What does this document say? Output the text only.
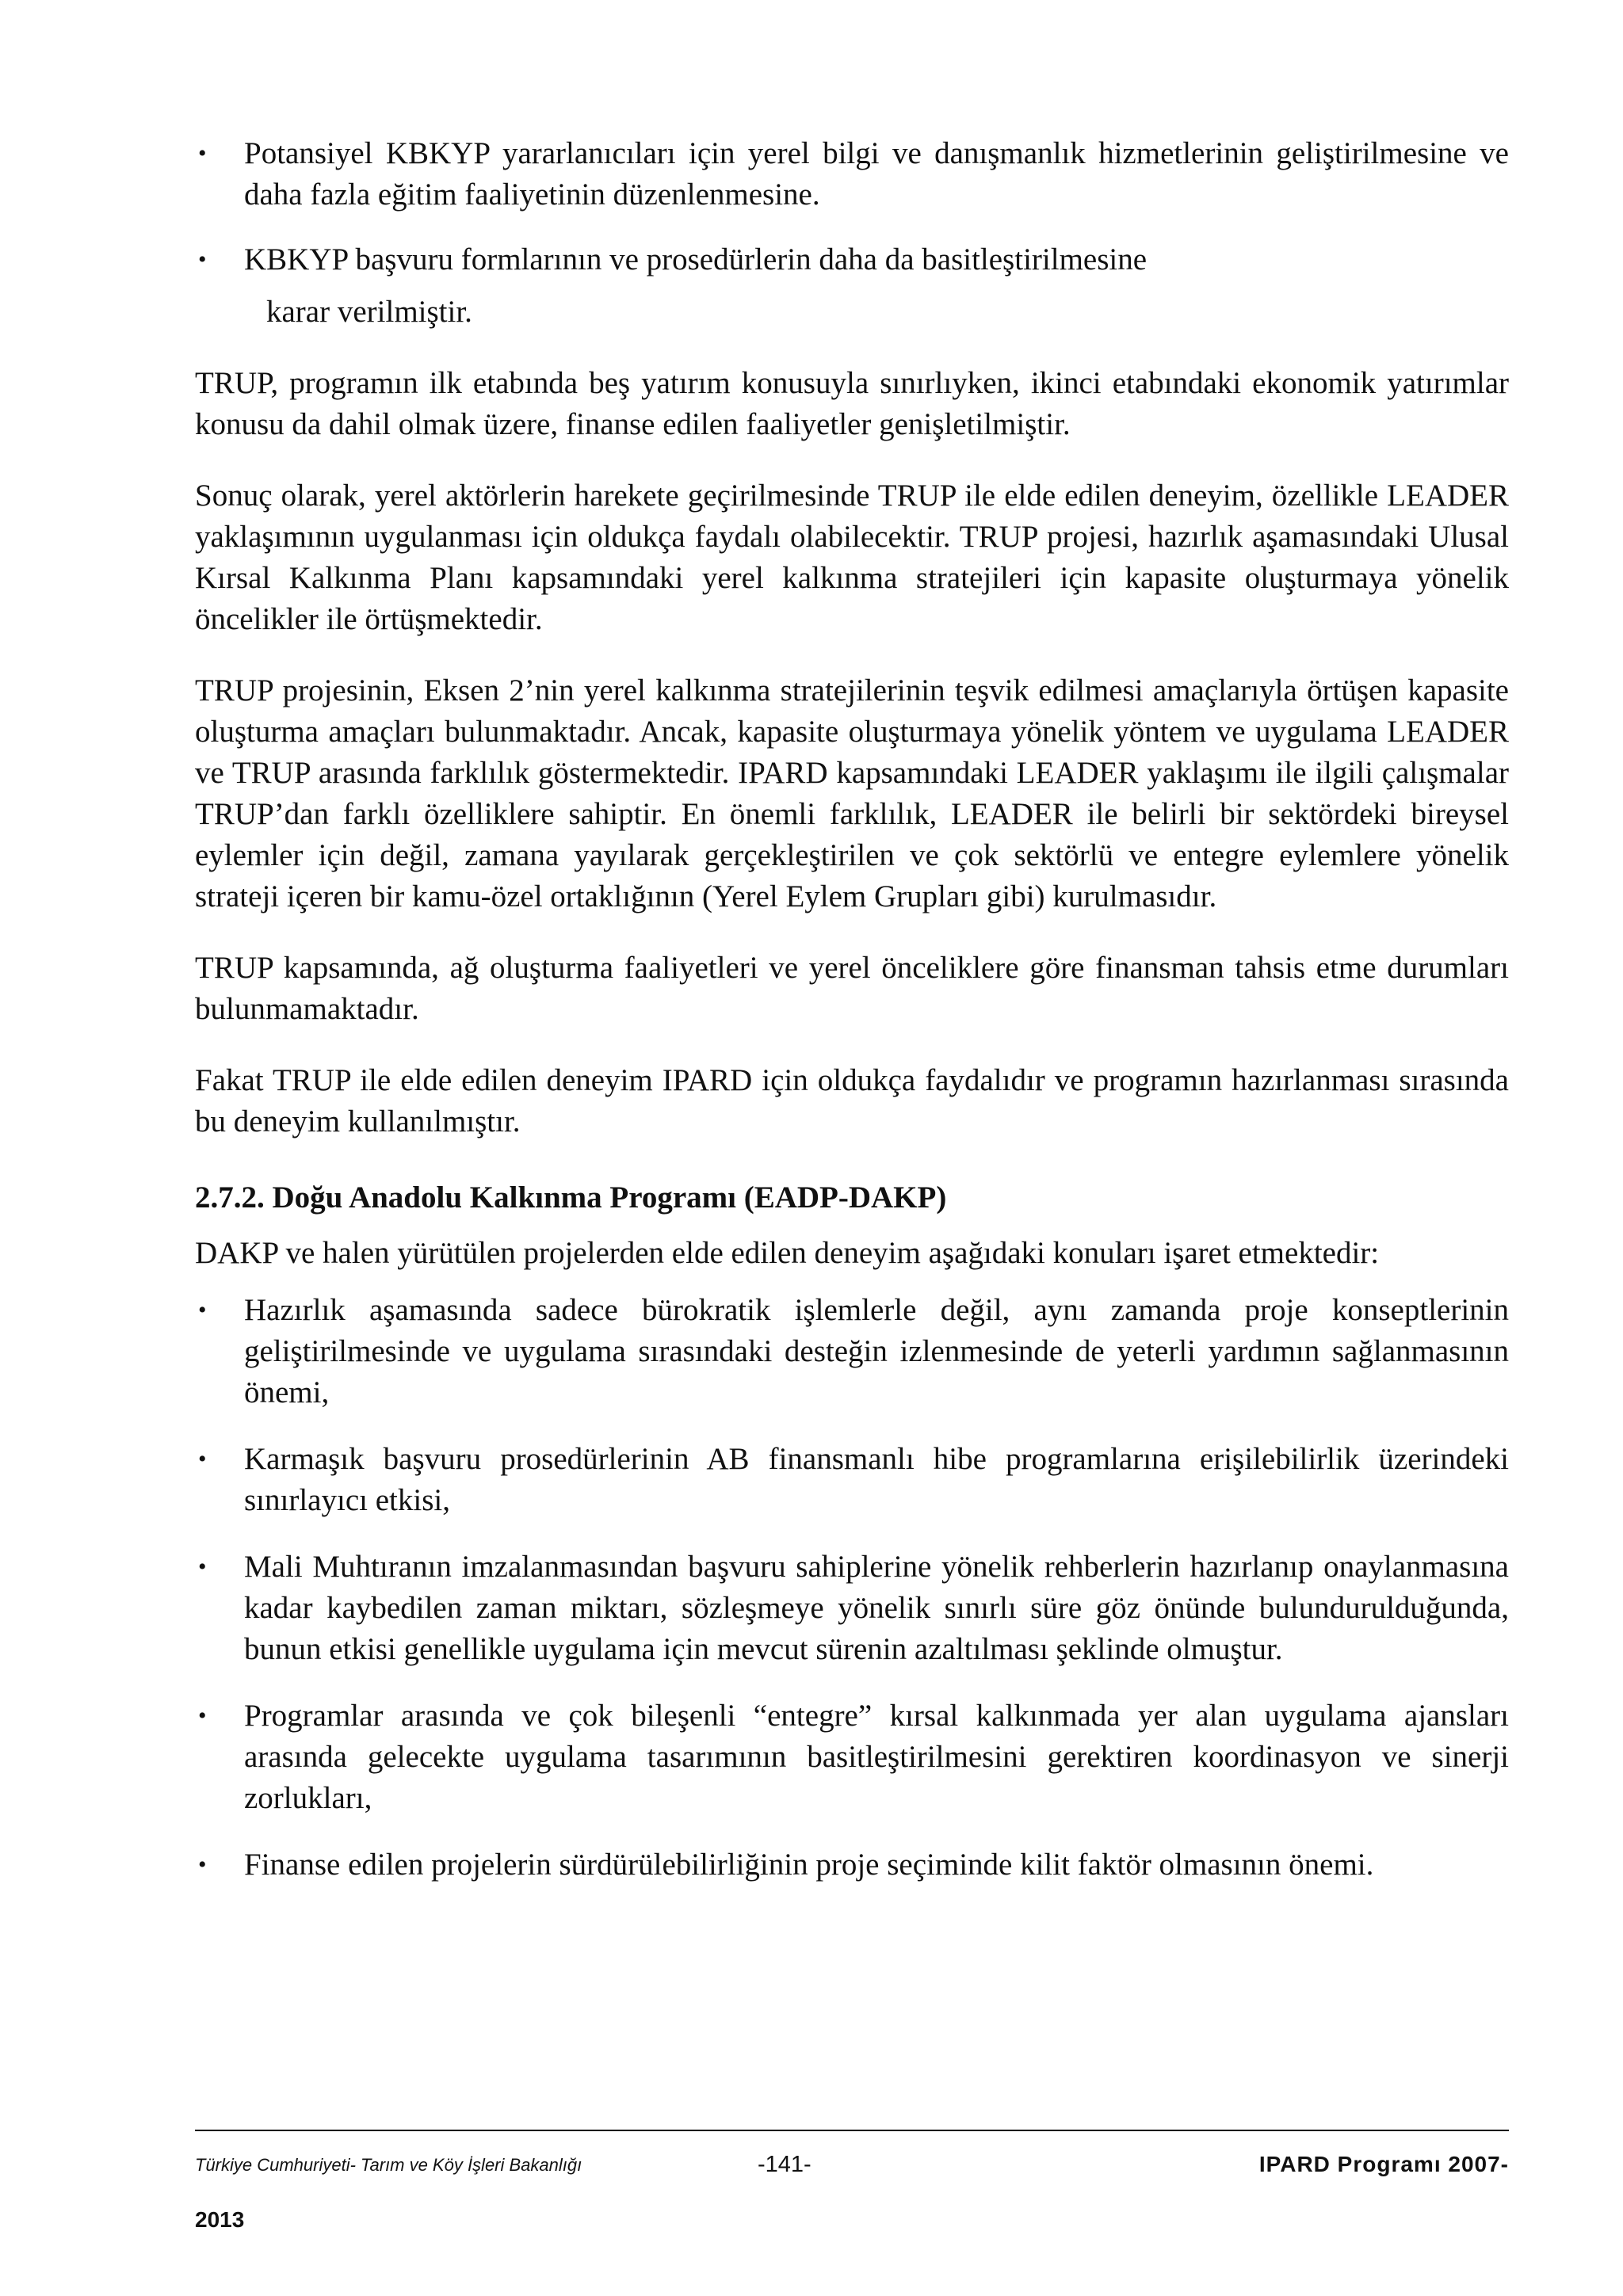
• Potansiyel KBKYP yararlanıcıları için yerel bilgi ve danışmanlık hizmetlerinin geliştirilmesine ve daha fazla eğitim faaliyetinin düzenlenmesine.
• KBKYP başvuru formlarının ve prosedürlerin daha da basitleştirilmesine

karar verilmiştir.

TRUP, programın ilk etabında beş yatırım konusuyla sınırlıyken, ikinci etabındaki ekonomik yatırımlar konusu da dahil olmak üzere, finanse edilen faaliyetler genişletilmiştir.

Sonuç olarak, yerel aktörlerin harekete geçirilmesinde TRUP ile elde edilen deneyim, özellikle LEADER yaklaşımının uygulanması için oldukça faydalı olabilecektir. TRUP projesi, hazırlık aşamasındaki Ulusal Kırsal Kalkınma Planı kapsamındaki yerel kalkınma stratejileri için kapasite oluşturmaya yönelik öncelikler ile örtüşmektedir.

TRUP projesinin, Eksen 2’nin yerel kalkınma stratejilerinin teşvik edilmesi amaçlarıyla örtüşen kapasite oluşturma amaçları bulunmaktadır. Ancak, kapasite oluşturmaya yönelik yöntem ve uygulama LEADER ve TRUP arasında farklılık göstermektedir. IPARD kapsamındaki LEADER yaklaşımı ile ilgili çalışmalar TRUP’dan farklı özelliklere sahiptir. En önemli farklılık, LEADER ile belirli bir sektördeki bireysel eylemler için değil, zamana yayılarak gerçekleştirilen ve çok sektörlü ve entegre eylemlere yönelik strateji içeren bir kamu-özel ortaklığının (Yerel Eylem Grupları gibi) kurulmasıdır.

TRUP kapsamında, ağ oluşturma faaliyetleri ve yerel önceliklere göre finansman tahsis etme durumları bulunmamaktadır.

Fakat TRUP ile elde edilen deneyim IPARD için oldukça faydalıdır ve programın hazırlanması sırasında bu deneyim kullanılmıştır.

2.7.2. Doğu Anadolu Kalkınma Programı (EADP-DAKP)

DAKP ve halen yürütülen projelerden elde edilen deneyim aşağıdaki konuları işaret etmektedir:

• Hazırlık aşamasında sadece bürokratik işlemlerle değil, aynı zamanda proje konseptlerinin geliştirilmesinde ve uygulama sırasındaki desteğin izlenmesinde de yeterli yardımın sağlanmasının önemi,
• Karmaşık başvuru prosedürlerinin AB finansmanlı hibe programlarına erişilebilirlik üzerindeki sınırlayıcı etkisi,
• Mali Muhtıranın imzalanmasından başvuru sahiplerine yönelik rehberlerin hazırlanıp onaylanmasına kadar kaybedilen zaman miktarı, sözleşmeye yönelik sınırlı süre göz önünde bulundurulduğunda, bunun etkisi genellikle uygulama için mevcut sürenin azaltılması şeklinde olmuştur.
• Programlar arasında ve çok bileşenli “entegre” kırsal kalkınmada yer alan uygulama ajansları arasında gelecekte uygulama tasarımının basitleştirilmesini gerektiren koordinasyon ve sinerji zorlukları,
• Finanse edilen projelerin sürdürülebilirliğinin proje seçiminde kilit faktör olmasının önemi.
Türkiye Cumhuriyeti- Tarım ve Köy İşleri Bakanlığı	-141-	IPARD Programı 2007-
2013
